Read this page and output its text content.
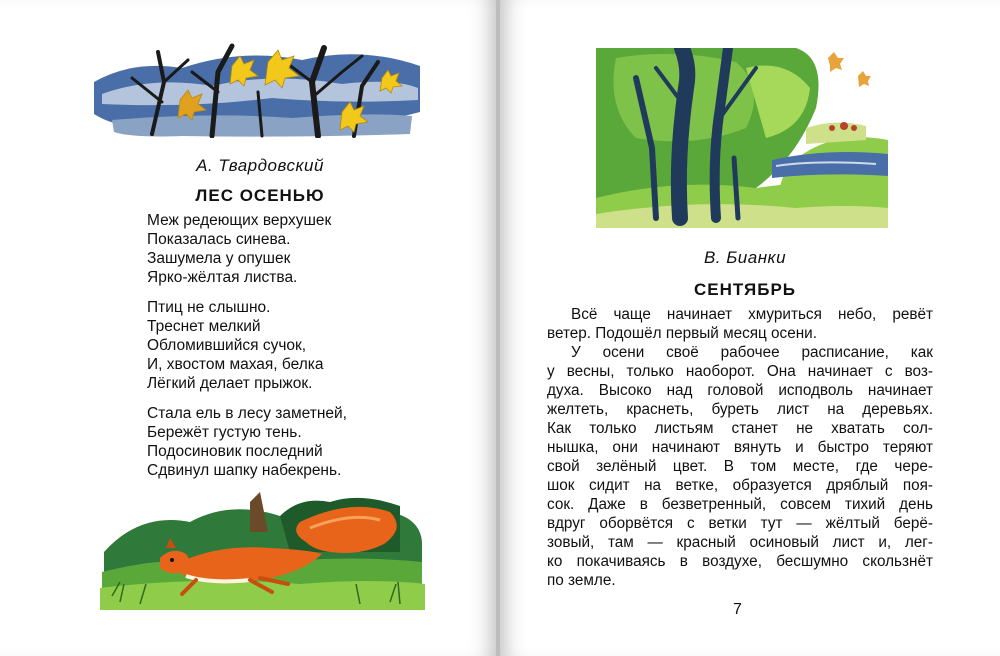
А. Твардовский
ЛЕС ОСЕНЬЮ
Меж редеющих верхушек
Показалась синева.
Зашумела у опушек
Ярко-жёлтая листва.
Птиц не слышно.
Треснет мелкий
Обломившийся сучок,
И, хвостом махая, белка
Лёгкий делает прыжок.
Стала ель в лесу заметней,
Бережёт густую тень.
Подосиновик последний
Сдвинул шапку набекрень.
В. Бианки
СЕНТЯБРЬ
Всё чаще начинает хмуриться небо, ревёт
ветер. Подошёл первый месяц осени.
У осени своё рабочее расписание, как
у весны, только наоборот. Она начинает с воз-
духа. Высоко над головой исподволь начинает
желтеть, краснеть, буреть лист на деревьях.
Как только листьям станет не хватать сол-
нышка, они начинают вянуть и быстро теряют
свой зелёный цвет. В том месте, где чере-
шок сидит на ветке, образуется дряблый поя-
сок. Даже в безветренный, совсем тихий день
вдруг оборвётся с ветки тут — жёлтый берё-
зовый, там — красный осиновый лист и, лег-
ко покачиваясь в воздухе, бесшумно скользнёт
по земле.
7
